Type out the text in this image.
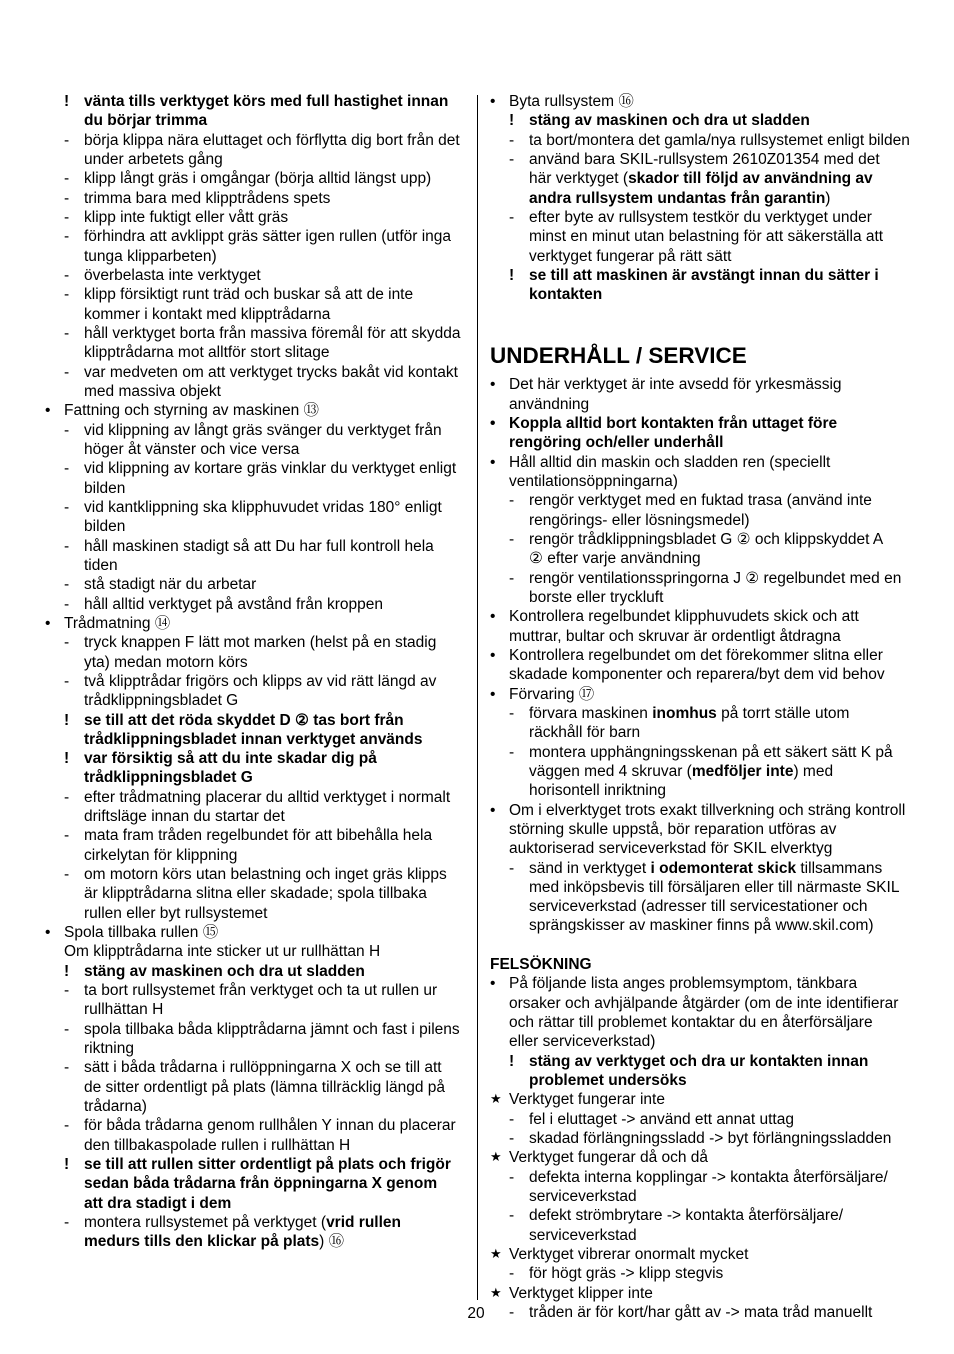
! vänta tills verktyget körs med full hastighet innan
du börjar trimma
- börja klippa nära eluttaget och förflytta dig bort från det
under arbetets gång
- klipp långt gräs i omgångar (börja alltid längst upp)
- trimma bara med klipptrådens spets
- klipp inte fuktigt eller vått gräs
- förhindra att avklippt gräs sätter igen rullen (utför inga
tunga klipparbeten)
- överbelasta inte verktyget
- klipp försiktigt runt träd och buskar så att de inte
kommer i kontakt med klipptrådarna
- håll verktyget borta från massiva föremål för att skydda
klipptrådarna mot alltför stort slitage
- var medveten om att verktyget trycks bakåt vid kontakt
med massiva objekt
• Fattning och styrning av maskinen ⑬
- vid klippning av långt gräs svänger du verktyget från
höger åt vänster och vice versa
- vid klippning av kortare gräs vinklar du verktyget enligt
bilden
- vid kantklippning ska klipphuvudet vridas 180° enligt
bilden
- håll maskinen stadigt så att Du har full kontroll hela
tiden
- stå stadigt när du arbetar
- håll alltid verktyget på avstånd från kroppen
• Trådmatning ⑭
- tryck knappen F lätt mot marken (helst på en stadig
yta) medan motorn körs
- två klipptrådar frigörs och klipps av vid rätt längd av
trådklippningsbladet G
! se till att det röda skyddet D ② tas bort från
trådklippningsbladet innan verktyget används
! var försiktig så att du inte skadar dig på
trådklippningsbladet G
- efter trådmatning placerar du alltid verktyget i normalt
driftsläge innan du startar det
- mata fram tråden regelbundet för att bibehålla hela
cirkelytan för klippning
- om motorn körs utan belastning och inget gräs klipps
är klipptrådarna slitna eller skadade; spola tillbaka
rullen eller byt rullsystemet
• Spola tillbaka rullen ⑮
Om klipptrådarna inte sticker ut ur rullhättan H
! stäng av maskinen och dra ut sladden
- ta bort rullsystemet från verktyget och ta ut rullen ur
rullhättan H
- spola tillbaka båda klipptrådarna jämnt och fast i pilens
riktning
- sätt i båda trådarna i rullöppningarna X och se till att
de sitter ordentligt på plats (lämna tillräcklig längd på
trådarna)
- för båda trådarna genom rullhålen Y innan du placerar
den tillbakaspolade rullen i rullhättan H
! se till att rullen sitter ordentligt på plats och frigör
sedan båda trådarna från öppningarna X genom
att dra stadigt i dem
- montera rullsystemet på verktyget (vrid rullen
medurs tills den klickar på plats) ⑯
• Byta rullsystem ⑯
! stäng av maskinen och dra ut sladden
- ta bort/montera det gamla/nya rullsystemet enligt bilden
- använd bara SKIL-rullsystem 2610Z01354 med det
här verktyget (skador till följd av användning av
andra rullsystem undantas från garantin)
- efter byte av rullsystem testkör du verktyget under
minst en minut utan belastning för att säkerställa att
verktyget fungerar på rätt sätt
! se till att maskinen är avstängt innan du sätter i
kontakten
UNDERHÅLL / SERVICE
• Det här verktyget är inte avsedd för yrkesmässig
användning
• Koppla alltid bort kontakten från uttaget före
rengöring och/eller underhåll
• Håll alltid din maskin och sladden ren (speciellt
ventilationsöppningarna)
- rengör verktyget med en fuktad trasa (använd inte
rengörings- eller lösningsmedel)
- rengör trådklippningsbladet G ② och klippskyddet A
② efter varje användning
- rengör ventilationsspringorna J ② regelbundet med en
borste eller tryckluft
• Kontrollera regelbundet klipphuvudets skick och att
muttrar, bultar och skruvar är ordentligt åtdragna
• Kontrollera regelbundet om det förekommer slitna eller
skadade komponenter och reparera/byt dem vid behov
• Förvaring ⑰
- förvara maskinen inomhus på torrt ställe utom
räckhåll för barn
- montera upphängningsskenan på ett säkert sätt K på
väggen med 4 skruvar (medföljer inte) med
horisontell inriktning
• Om i elverktyget trots exakt tillverkning och sträng kontroll
störning skulle uppstå, bör reparation utföras av
auktoriserad serviceverkstad för SKIL elverktyg
- sänd in verktyget i odemonterat skick tillsammans
med inköpsbevis till försäljaren eller till närmaste SKIL
serviceverkstad (adresser till servicestationer och
sprängskisser av maskiner finns på www.skil.com)
FELSÖKNING
• På följande lista anges problemsymptom, tänkbara
orsaker och avhjälpande åtgärder (om de inte identifierar
och rättar till problemet kontaktar du en återförsäljare
eller serviceverkstad)
! stäng av verktyget och dra ur kontakten innan
problemet undersöks
★ Verktyget fungerar inte
- fel i eluttaget -> använd ett annat uttag
- skadad förlängningssladd -> byt förlängningssladden
★ Verktyget fungerar då och då
- defekta interna kopplingar -> kontakta återförsäljare/
serviceverkstad
- defekt strömbrytare -> kontakta återförsäljare/
serviceverkstad
★ Verktyget vibrerar onormalt mycket
- för högt gräs -> klipp stegvis
★ Verktyget klipper inte
- tråden är för kort/har gått av -> mata tråd manuellt
20
